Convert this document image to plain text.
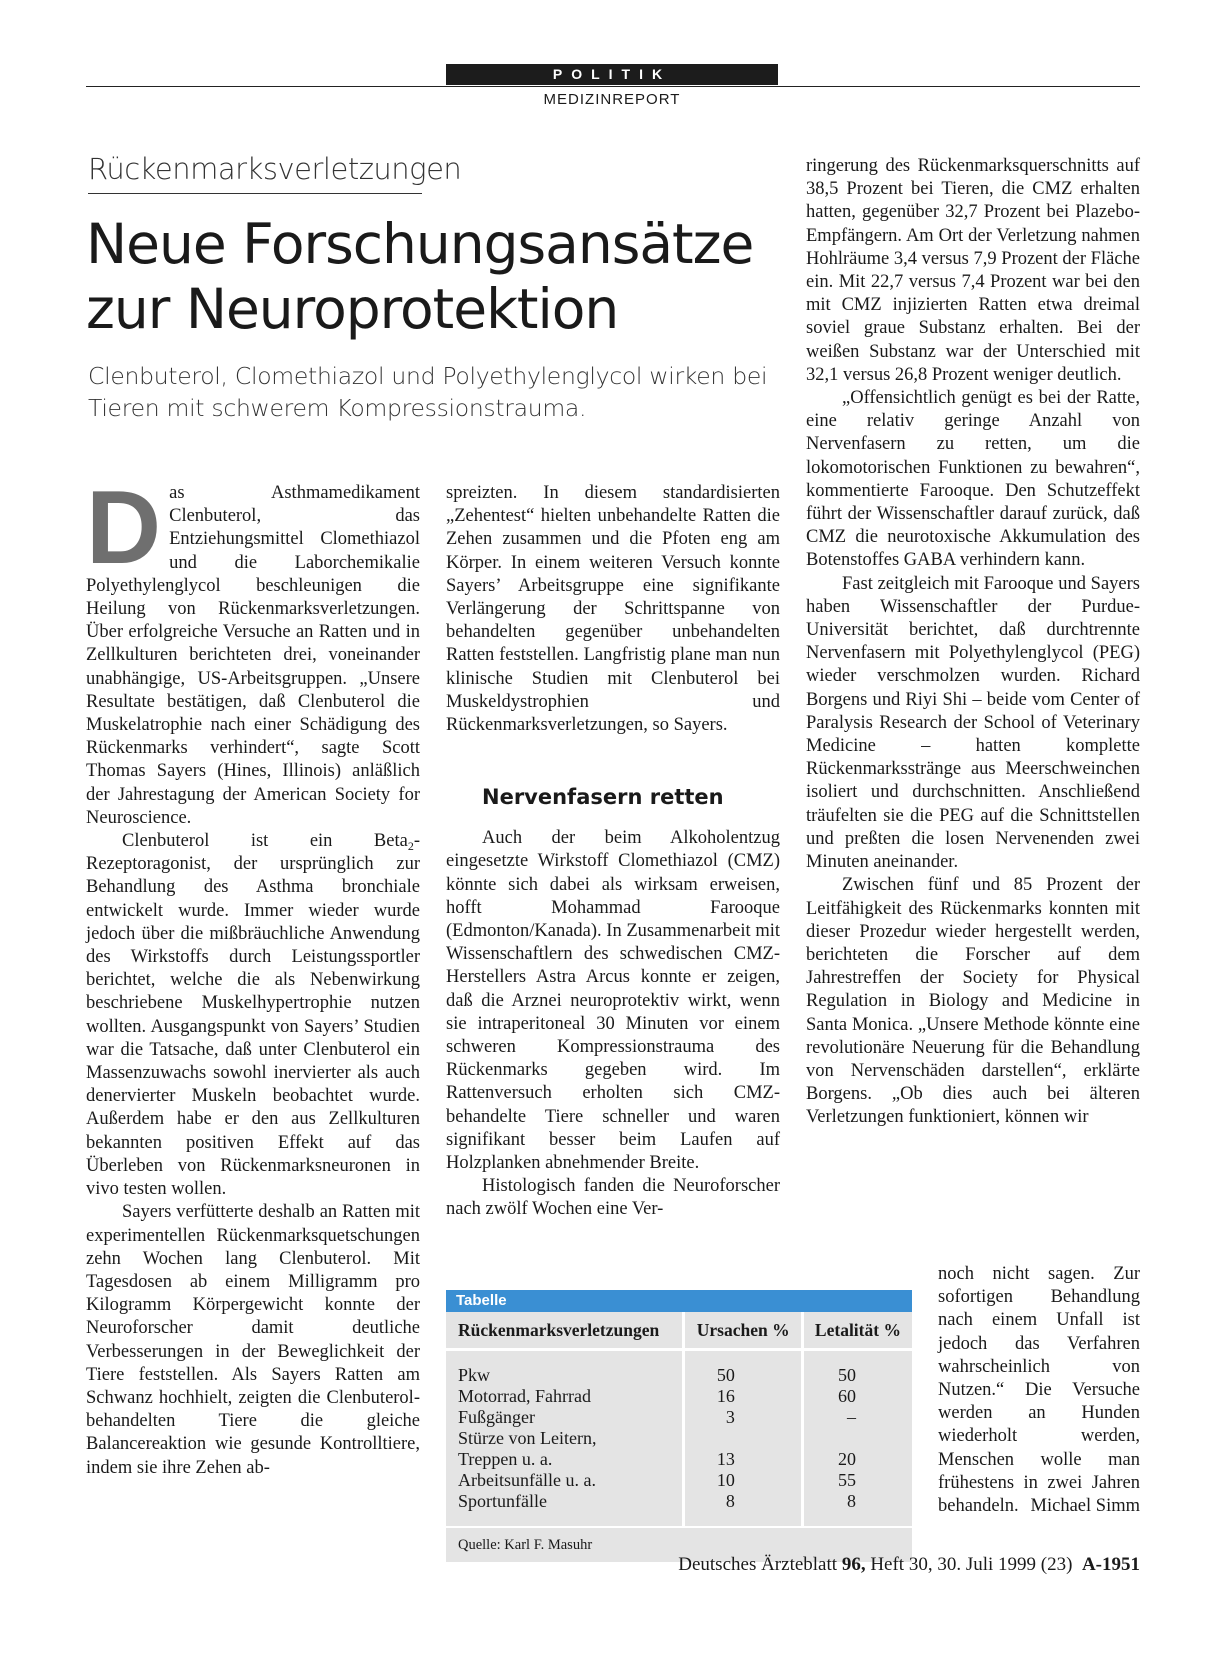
POLITIK
MEDIZINREPORT
Rückenmarksverletzungen
Neue Forschungsansätze
zur Neuroprotektion

Clenbuterol, Clomethiazol und Polyethylenglycol wirken bei Tieren mit schwerem Kompressionstrauma.

Das Asthmamedikament Clenbuterol, das Entziehungsmittel Clomethiazol und die Laborchemikalie Polyethylenglycol beschleunigen die Heilung von Rückenmarksverletzungen. Über erfolgreiche Versuche an Ratten und in Zellkulturen berichteten drei, voneinander unabhängige, US-Arbeitsgruppen. „Unsere Resultate bestätigen, daß Clenbuterol die Muskelatrophie nach einer Schädigung des Rückenmarks verhindert“, sagte Scott Thomas Sayers (Hines, Illinois) anläßlich der Jahrestagung der American Society for Neuroscience.

Clenbuterol ist ein Beta$_2$-Rezeptoragonist, der ursprünglich zur Behandlung des Asthma bronchiale entwickelt wurde. Immer wieder wurde jedoch über die mißbräuchliche Anwendung des Wirkstoffs durch Leistungssportler berichtet, welche die als Nebenwirkung beschriebene Muskelhypertrophie nutzen wollten. Ausgangspunkt von Sayers’ Studien war die Tatsache, daß unter Clenbuterol ein Massenzuwachs sowohl inervierter als auch denervierter Muskeln beobachtet wurde. Außerdem habe er den aus Zellkulturen bekannten positiven Effekt auf das Überleben von Rückenmarksneuronen in vivo testen wollen.

Sayers verfütterte deshalb an Ratten mit experimentellen Rückenmarksquetschungen zehn Wochen lang Clenbuterol. Mit Tagesdosen ab einem Milligramm pro Kilogramm Körpergewicht konnte der Neuroforscher damit deutliche Verbesserungen in der Beweglichkeit der Tiere feststellen. Als Sayers Ratten am Schwanz hochhielt, zeigten die Clenbuterol-behandelten Tiere die gleiche Balancereaktion wie gesunde Kontrolltiere, indem sie ihre Zehen ab-

spreizten. In diesem standardisierten „Zehentest“ hielten unbehandelte Ratten die Zehen zusammen und die Pfoten eng am Körper. In einem weiteren Versuch konnte Sayers’ Arbeitsgruppe eine signifikante Verlängerung der Schrittspanne von behandelten gegenüber unbehandelten Ratten feststellen. Langfristig plane man nun klinische Studien mit Clenbuterol bei Muskeldystrophien und Rückenmarksverletzungen, so Sayers.

Nervenfasern retten

Auch der beim Alkoholentzug eingesetzte Wirkstoff Clomethiazol (CMZ) könnte sich dabei als wirksam erweisen, hofft Mohammad Farooque (Edmonton/Kanada). In Zusammenarbeit mit Wissenschaftlern des schwedischen CMZ-Herstellers Astra Arcus konnte er zeigen, daß die Arznei neuroprotektiv wirkt, wenn sie intraperitoneal 30 Minuten vor einem schweren Kompressionstrauma des Rückenmarks gegeben wird. Im Rattenversuch erholten sich CMZ-behandelte Tiere schneller und waren signifikant besser beim Laufen auf Holzplanken abnehmender Breite.

Histologisch fanden die Neuroforscher nach zwölf Wochen eine Ver-

ringerung des Rückenmarksquerschnitts auf 38,5 Prozent bei Tieren, die CMZ erhalten hatten, gegenüber 32,7 Prozent bei Plazebo-Empfängern. Am Ort der Verletzung nahmen Hohlräume 3,4 versus 7,9 Prozent der Fläche ein. Mit 22,7 versus 7,4 Prozent war bei den mit CMZ injizierten Ratten etwa dreimal soviel graue Substanz erhalten. Bei der weißen Substanz war der Unterschied mit 32,1 versus 26,8 Prozent weniger deutlich.

„Offensichtlich genügt es bei der Ratte, eine relativ geringe Anzahl von Nervenfasern zu retten, um die lokomotorischen Funktionen zu bewahren“, kommentierte Farooque. Den Schutzeffekt führt der Wissenschaftler darauf zurück, daß CMZ die neurotoxische Akkumulation des Botenstoffes GABA verhindern kann.

Fast zeitgleich mit Farooque und Sayers haben Wissenschaftler der Purdue-Universität berichtet, daß durchtrennte Nervenfasern mit Polyethylenglycol (PEG) wieder verschmolzen wurden. Richard Borgens und Riyi Shi – beide vom Center of Paralysis Research der School of Veterinary Medicine – hatten komplette Rückenmarksstränge aus Meerschweinchen isoliert und durchschnitten. Anschließend träufelten sie die PEG auf die Schnittstellen und preßten die losen Nervenenden zwei Minuten aneinander.

Zwischen fünf und 85 Prozent der Leitfähigkeit des Rückenmarks konnten mit dieser Prozedur wieder hergestellt werden, berichteten die Forscher auf dem Jahrestreffen der Society for Physical Regulation in Biology and Medicine in Santa Monica. „Unsere Methode könnte eine revolutionäre Neuerung für die Behandlung von Nervenschäden darstellen“, erklärte Borgens. „Ob dies auch bei älteren Verletzungen funktioniert, können wir

noch nicht sagen. Zur sofortigen Behandlung nach einem Unfall ist jedoch das Verfahren wahrscheinlich von Nutzen.“ Die Versuche werden an Hunden wiederholt werden, Menschen wolle man frühestens in zwei Jahren behandeln. Michael Simm

Tabelle
Rückenmarksverletzungen	Ursachen %	Letalität %

Pkw	50	50
Motorrad, Fahrrad	16	60
Fußgänger	3	–
Stürze von Leitern,		
Treppen u. a.	13	20
Arbeitsunfälle u. a.	10	55
Sportunfälle	8	8

Quelle: Karl F. Masuhr
Deutsches Ärzteblatt 96, Heft 30, 30. Juli 1999 (23) A-1951
